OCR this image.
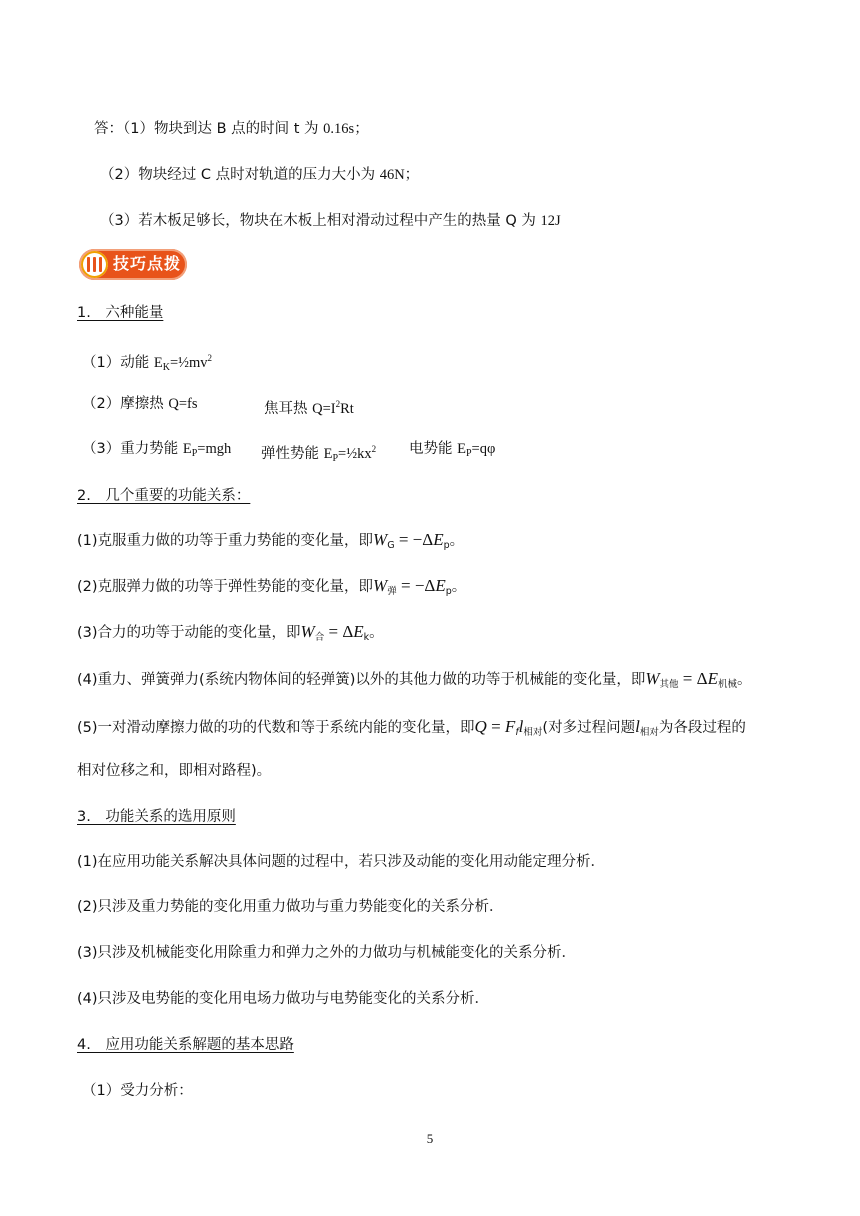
答：（1）物块到达 B 点的时间 t 为 0.16s；
（2）物块经过 C 点时对轨道的压力大小为 46N；
（3）若木板足够长，物块在木板上相对滑动过程中产生的热量 Q 为 12J
技巧点拨
1.　六种能量
（1）动能 $E_K=\frac{1}{2}mv^2$
（2）摩擦热 Q=fs	焦耳热 $Q=I^2Rt$
（3）重力势能 $E_P=mgh$ 弹性势能 $E_P=\frac{1}{2}kx^2$ 电势能 $E_P=q\varphi$
2.　几个重要的功能关系：
(1)克服重力做的功等于重力势能的变化量，即$W_G = -\Delta E_p$。
(2)克服弹力做的功等于弹性势能的变化量，即$W_弹 = -\Delta E_p$。
(3)合力的功等于动能的变化量，即$W_合 = \Delta E_k$。
(4)重力、弹簧弹力(系统内物体间的轻弹簧)以外的其他力做的功等于机械能的变化量，即$W_{其他} = \Delta E_{机械}$。
(5)一对滑动摩擦力做的功的代数和等于系统内能的变化量，即$Q = F_fl_{相对}$(对多过程问题$l_{相对}$为各段过程的
相对位移之和，即相对路程)。
3.　功能关系的选用原则
(1)在应用功能关系解决具体问题的过程中，若只涉及动能的变化用动能定理分析．
(2)只涉及重力势能的变化用重力做功与重力势能变化的关系分析．
(3)只涉及机械能变化用除重力和弹力之外的力做功与机械能变化的关系分析．
(4)只涉及电势能的变化用电场力做功与电势能变化的关系分析．
4.　应用功能关系解题的基本思路
（1）受力分析：
5
